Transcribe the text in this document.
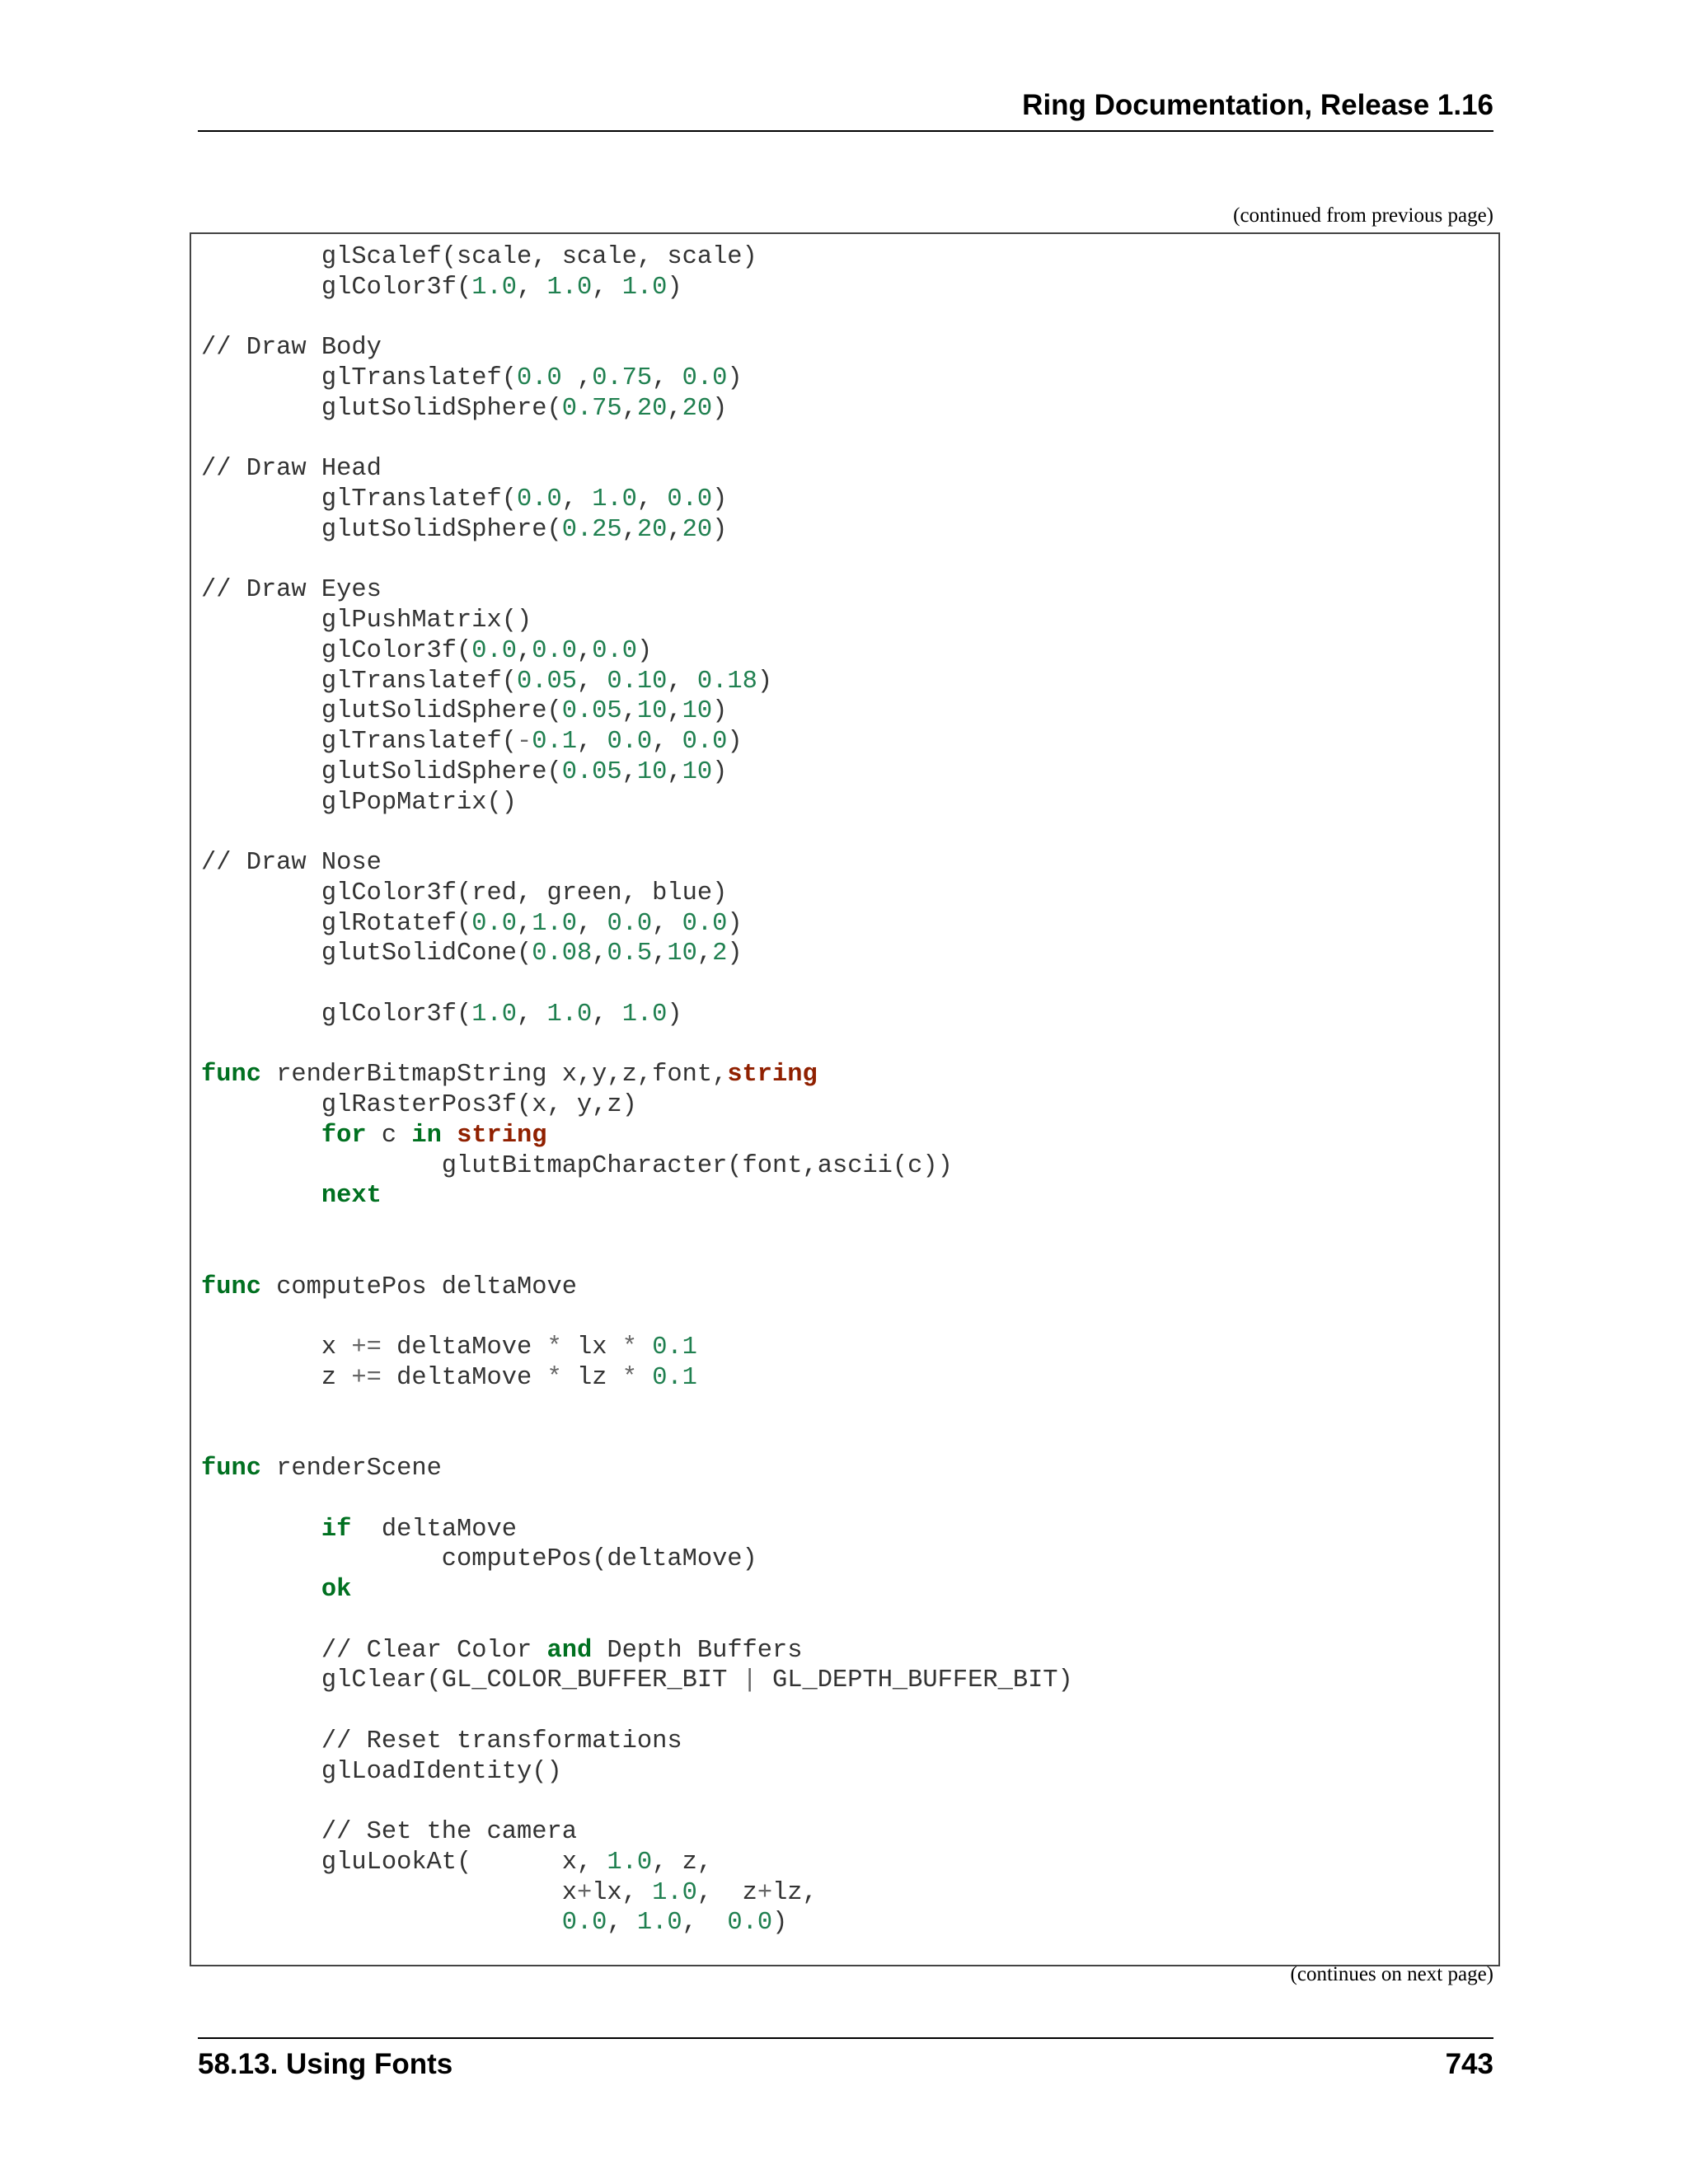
Ring Documentation, Release 1.16
(continued from previous page)
glScalef(scale, scale, scale)
glColor3f(1.0, 1.0, 1.0)
// Draw Body
glTranslatef(0.0 ,0.75, 0.0)
glutSolidSphere(0.75,20,20)
// Draw Head
glTranslatef(0.0, 1.0, 0.0)
glutSolidSphere(0.25,20,20)
// Draw Eyes
glPushMatrix()
glColor3f(0.0,0.0,0.0)
glTranslatef(0.05, 0.10, 0.18)
glutSolidSphere(0.05,10,10)
glTranslatef(-0.1, 0.0, 0.0)
glutSolidSphere(0.05,10,10)
glPopMatrix()
// Draw Nose
glColor3f(red, green, blue)
glRotatef(0.0,1.0, 0.0, 0.0)
glutSolidCone(0.08,0.5,10,2)
glColor3f(1.0, 1.0, 1.0)
func renderBitmapString x,y,z,font,string
glRasterPos3f(x, y,z)
for c in string
glutBitmapCharacter(font,ascii(c))
next
func computePos deltaMove
x += deltaMove * lx * 0.1
z += deltaMove * lz * 0.1
func renderScene
if  deltaMove
computePos(deltaMove)
ok
// Clear Color and Depth Buffers
glClear(GL_COLOR_BUFFER_BIT | GL_DEPTH_BUFFER_BIT)
// Reset transformations
glLoadIdentity()
// Set the camera
gluLookAt(      x, 1.0, z,
x+lx, 1.0,  z+lz,
0.0, 1.0,  0.0)
(continues on next page)
58.13. Using Fonts	743
